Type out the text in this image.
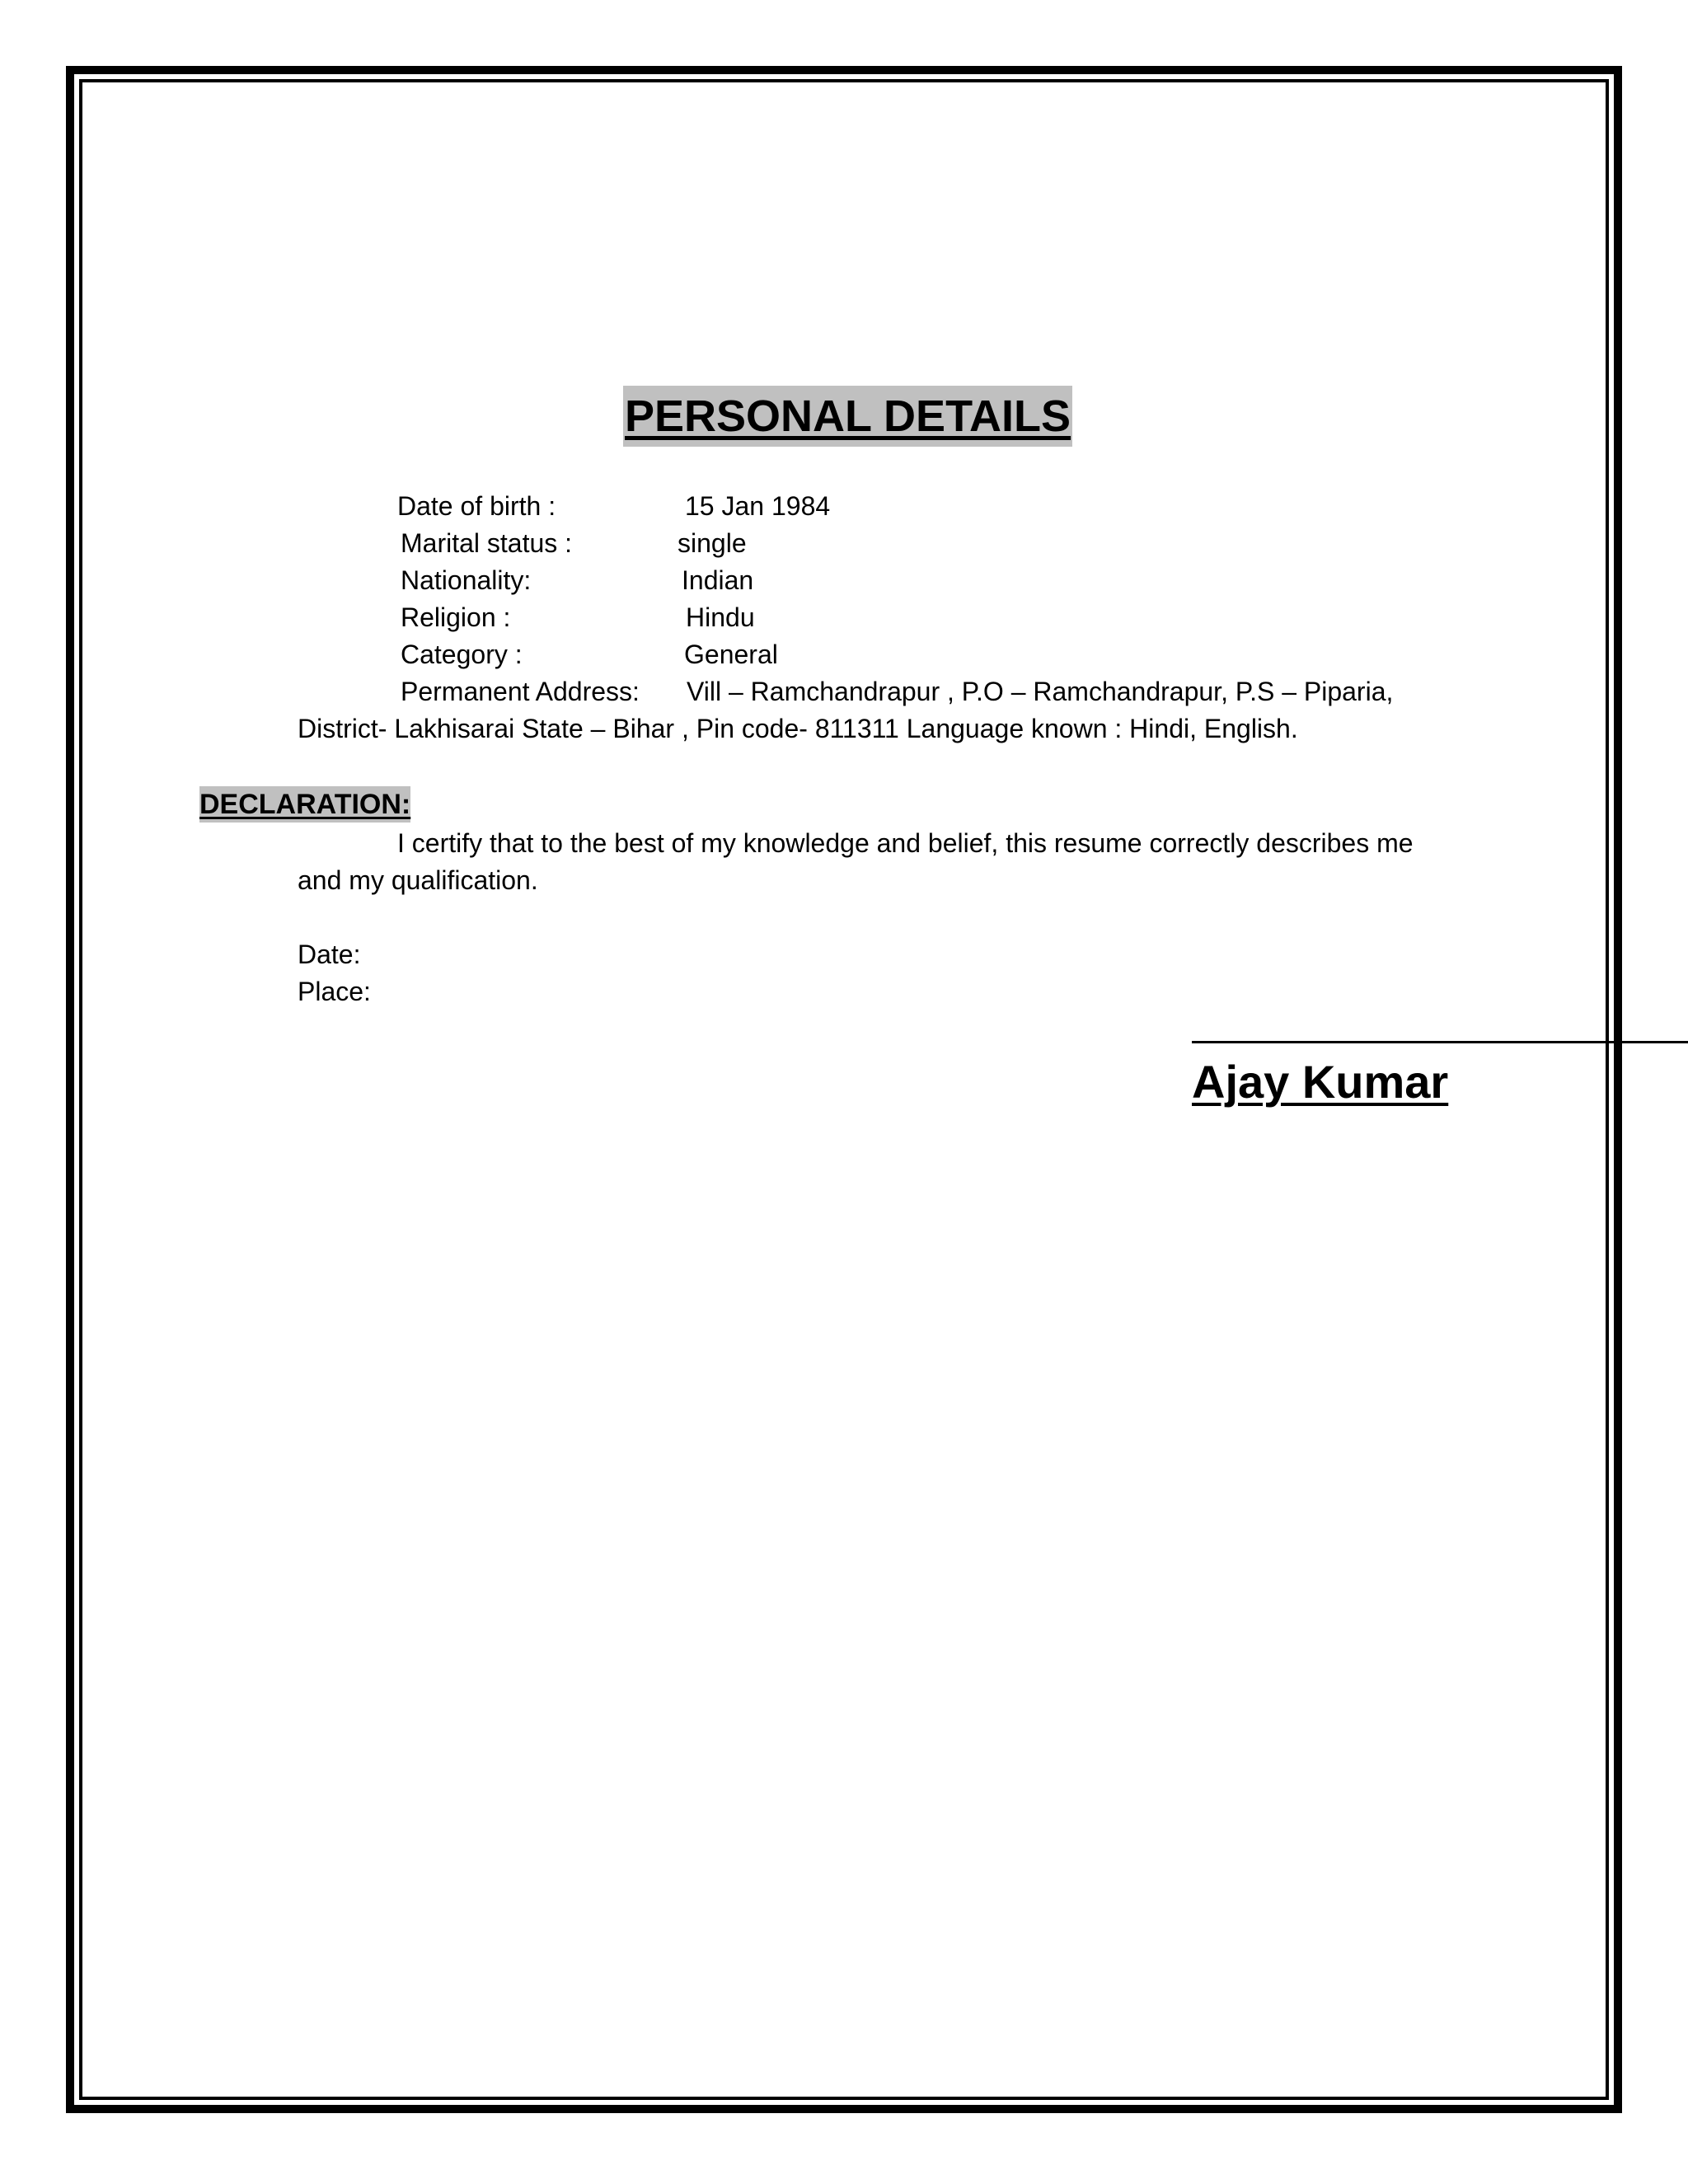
PERSONAL DETAILS
Date of birth :	15 Jan 1984
Marital status :	single
Nationality:	Indian
Religion :	Hindu
Category :	General
Permanent Address: Vill – Ramchandrapur , P.O – Ramchandrapur, P.S – Piparia,
District- Lakhisarai State – Bihar , Pin code- 811311 Language known : Hindi, English.
DECLARATION:
I certify that to the best of my knowledge and belief, this resume correctly describes me
and my qualification.
Date:
Place:
Ajay Kumar
